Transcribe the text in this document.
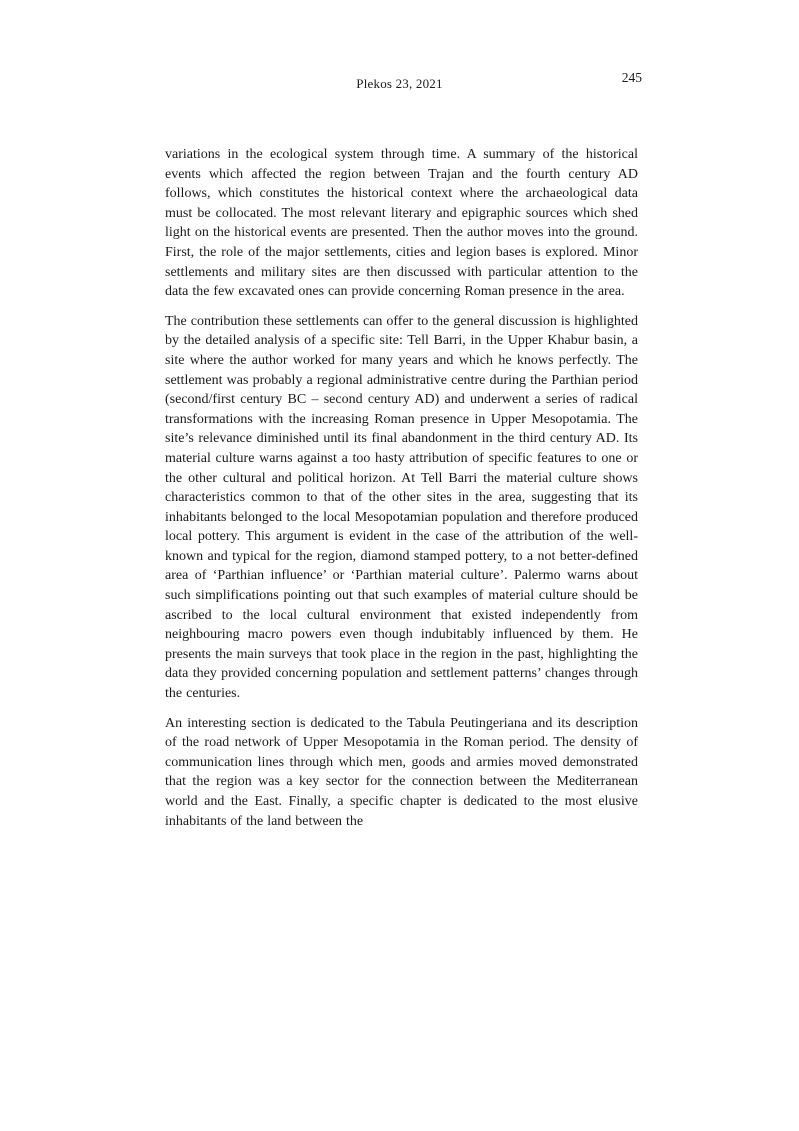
Plekos 23, 2021	245

variations in the ecological system through time. A summary of the historical events which affected the region between Trajan and the fourth century AD follows, which constitutes the historical context where the archaeological data must be collocated. The most relevant literary and epigraphic sources which shed light on the historical events are presented. Then the author moves into the ground. First, the role of the major settlements, cities and legion bases is explored. Minor settlements and military sites are then discussed with particular attention to the data the few excavated ones can provide concerning Roman presence in the area.

The contribution these settlements can offer to the general discussion is highlighted by the detailed analysis of a specific site: Tell Barri, in the Upper Khabur basin, a site where the author worked for many years and which he knows perfectly. The settlement was probably a regional administrative centre during the Parthian period (second/first century BC – second century AD) and underwent a series of radical transformations with the increasing Roman presence in Upper Mesopotamia. The site’s relevance diminished until its final abandonment in the third century AD. Its material culture warns against a too hasty attribution of specific features to one or the other cultural and political horizon. At Tell Barri the material culture shows characteristics common to that of the other sites in the area, suggesting that its inhabitants belonged to the local Mesopotamian population and therefore produced local pottery. This argument is evident in the case of the attribution of the well-known and typical for the region, diamond stamped pottery, to a not better-defined area of ‘Parthian influence’ or ‘Parthian material culture’. Palermo warns about such simplifications pointing out that such examples of material culture should be ascribed to the local cultural environment that existed independently from neighbouring macro powers even though indubitably influenced by them. He presents the main surveys that took place in the region in the past, highlighting the data they provided concerning population and settlement patterns’ changes through the centuries.

An interesting section is dedicated to the Tabula Peutingeriana and its description of the road network of Upper Mesopotamia in the Roman period. The density of communication lines through which men, goods and armies moved demonstrated that the region was a key sector for the connection between the Mediterranean world and the East. Finally, a specific chapter is dedicated to the most elusive inhabitants of the land between the
